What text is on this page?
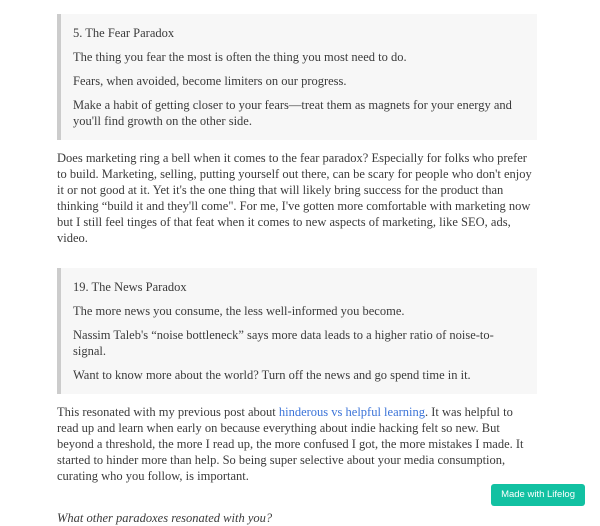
5. The Fear Paradox

The thing you fear the most is often the thing you most need to do.

Fears, when avoided, become limiters on our progress.

Make a habit of getting closer to your fears—treat them as magnets for your energy and you'll find growth on the other side.

Does marketing ring a bell when it comes to the fear paradox? Especially for folks who prefer to build. Marketing, selling, putting yourself out there, can be scary for people who don't enjoy it or not good at it. Yet it's the one thing that will likely bring success for the product than thinking “build it and they'll come". For me, I've gotten more comfortable with marketing now but I still feel tinges of that feat when it comes to new aspects of marketing, like SEO, ads, video.

19. The News Paradox

The more news you consume, the less well-informed you become.

Nassim Taleb's “noise bottleneck” says more data leads to a higher ratio of noise-to-signal.

Want to know more about the world? Turn off the news and go spend time in it.

This resonated with my previous post about hinderous vs helpful learning. It was helpful to read up and learn when early on because everything about indie hacking felt so new. But beyond a threshold, the more I read up, the more confused I got, the more mistakes I made. It started to hinder more than help. So being super selective about your media consumption, curating who you follow, is important.

What other paradoxes resonated with you?

Made with Lifelog
